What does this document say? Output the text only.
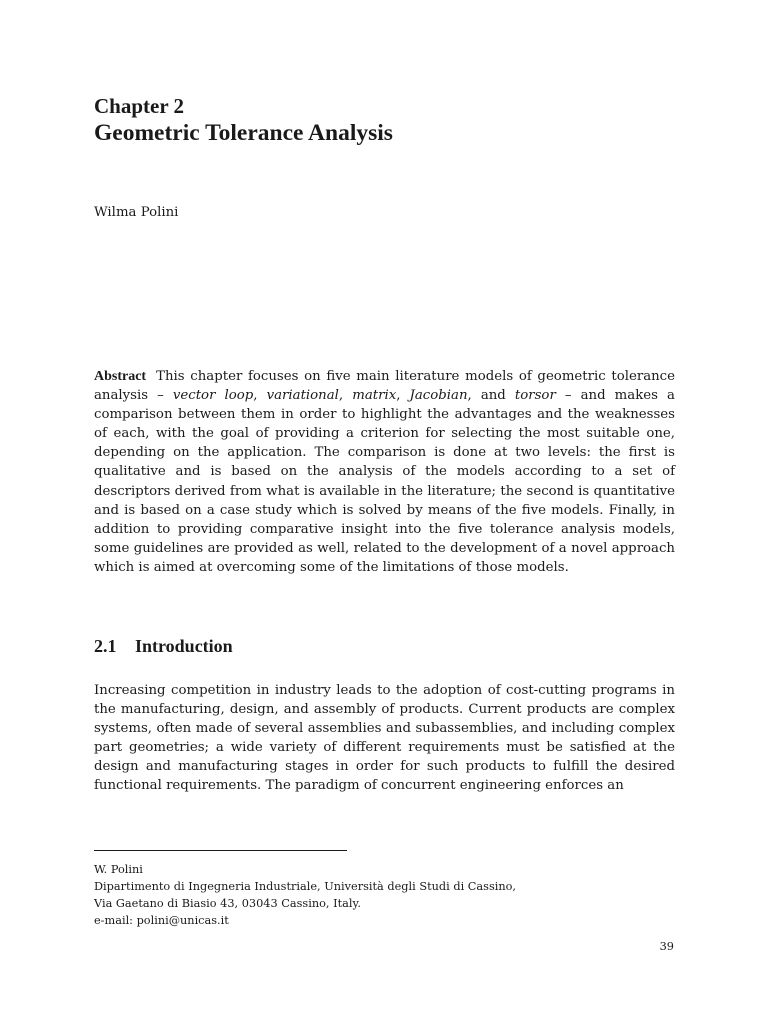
Chapter 2
Geometric Tolerance Analysis
Wilma Polini
Abstract This chapter focuses on five main literature models of geometric tolerance analysis – vector loop, variational, matrix, Jacobian, and torsor – and makes a comparison between them in order to highlight the advantages and the weaknesses of each, with the goal of providing a criterion for selecting the most suitable one, depending on the application. The comparison is done at two levels: the first is qualitative and is based on the analysis of the models according to a set of descriptors derived from what is available in the literature; the second is quantitative and is based on a case study which is solved by means of the five models. Finally, in addition to providing comparative insight into the five tolerance analysis models, some guidelines are provided as well, related to the development of a novel approach which is aimed at overcoming some of the limitations of those models.
2.1 Introduction
Increasing competition in industry leads to the adoption of cost-cutting programs in the manufacturing, design, and assembly of products. Current products are complex systems, often made of several assemblies and subassemblies, and including complex part geometries; a wide variety of different requirements must be satisfied at the design and manufacturing stages in order for such products to fulfill the desired functional requirements. The paradigm of concurrent engineering enforces an
W. Polini
Dipartimento di Ingegneria Industriale, Università degli Studi di Cassino,
Via Gaetano di Biasio 43, 03043 Cassino, Italy.
e-mail: polini@unicas.it
39
